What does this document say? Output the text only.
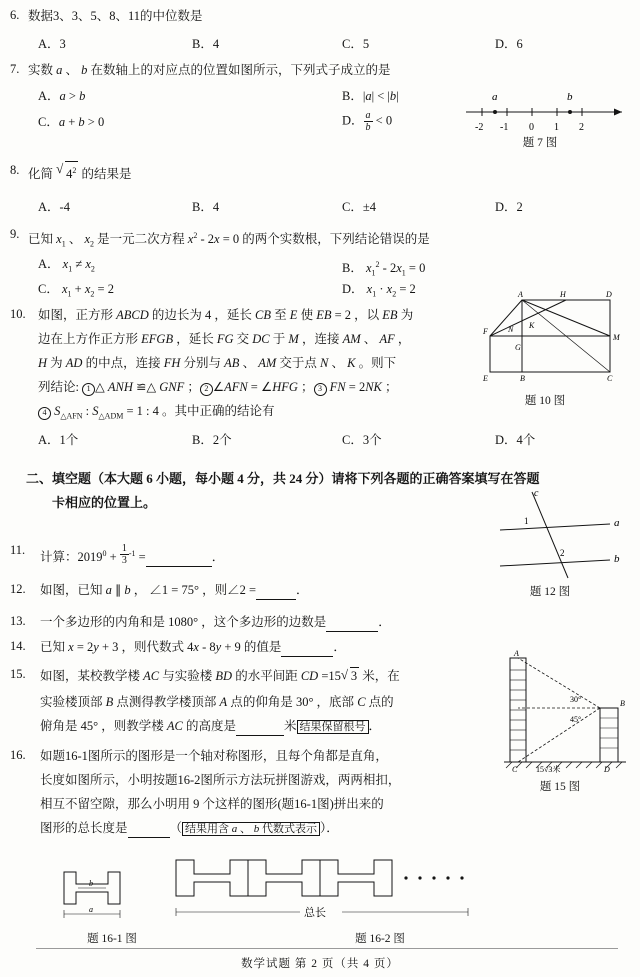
6. 数据3、3、5、8、11的中位数是
A．3	B．4	C．5	D．6
7. 实数 a 、 b 在数轴上的对应点的位置如图所示，下列式子成立的是
A．a > b	B．|a| < |b|
C．a + b > 0	D． $\frac{a}{b} < 0$
a	b
-2 -1 0 1 2
题 7 图
8. 化简 √ $4^2$ 的结果是
A．-4	B．4	C．±4	D．2
9. 已知 $x_1$ 、 $x_2$ 是一元二次方程 $x^2 - 2x = 0$ 的两个实数根，下列结论错误的是
A． $x_1 \ne x_2$	B． $x_1^2 - 2x_1 = 0$
C． $x_1 + x_2 = 2$	D． $x_1 \cdot x_2 = 2$
10. 如图，正方形 ABCD 的边长为 4 ，延长 CB 至 E 使 EB = 2 ，以 EB 为
边在上方作正方形 EFGB ，延长 FG 交 DC 于 M ，连接 AM 、 AF ，
H 为 AD 的中点，连接 FH 分别与 AB 、 AM 交于点 N 、 K 。则下
列结论: 1 △ ANH ≌△ GNF ； 2 ∠AFN = ∠HFG ； 3 FN = 2NK ；
4 $S_{\triangle AFN}$ : $S_{\triangle ADM} = 1$ : 4 。其中正确的结论有
A．1个	B．2个	C．3个	D．4个
A	H	D
F	N K
M
G
E	B	C
题 10 图
二、填空题（本大题 6 小题，每小题 4 分，共 24 分）请将下列各题的正确答案填写在答题
卡相应的位置上。
11. 计算：$2019^0 + \frac{1}{3} ^{-1}$ =	．
12. 如图，已知 a ∥ b ， ∠1 = 75° ，则∠2 =	．
c
a
b
1
2
题 12 图
13. 一个多边形的内角和是 1080° ，这个多边形的边数是	．
14. 已知 x = 2y + 3 ，则代数式 4x - 8y + 9 的值是	．
15. 如图，某校教学楼 AC 与实验楼 BD 的水平间距 CD =15 √ 3 米，在
实验楼顶部 B 点测得教学楼顶部 A 点的仰角是 30° ，底部 C 点的
俯角是 45° ，则教学楼 AC 的高度是	米 结果保留根号 ．
A
B
C	D
30°
45°
15√3米
题 15 图
16. 如题16-1图所示的图形是一个轴对称图形，且每个角都是直角，
长度如图所示，小明按题16-2图所示方法玩拼图游戏，两两相扣，
相互不留空隙，那么小明用 9 个这样的图形(题16-1图)拼出来的
图形的总长度是	（ 结果用含 a 、 b 代数式表示 ）．
b
a
题 16-1 图
总长
题 16-2 图
数学试题 第 2 页（共 4 页）
